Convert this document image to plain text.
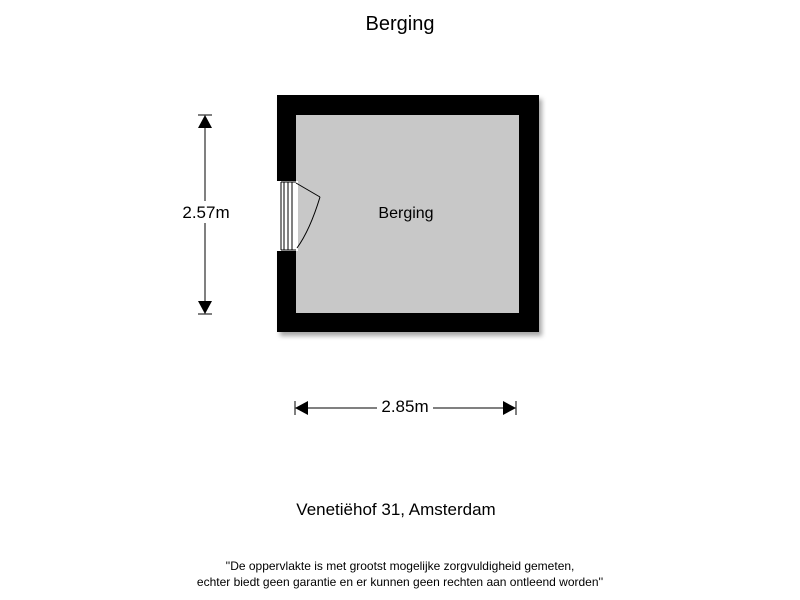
Berging
2.57m
2.85m
Berging
Venetiëhof 31, Amsterdam
''De oppervlakte is met grootst mogelijke zorgvuldigheid gemeten,
echter biedt geen garantie en er kunnen geen rechten aan ontleend worden''
